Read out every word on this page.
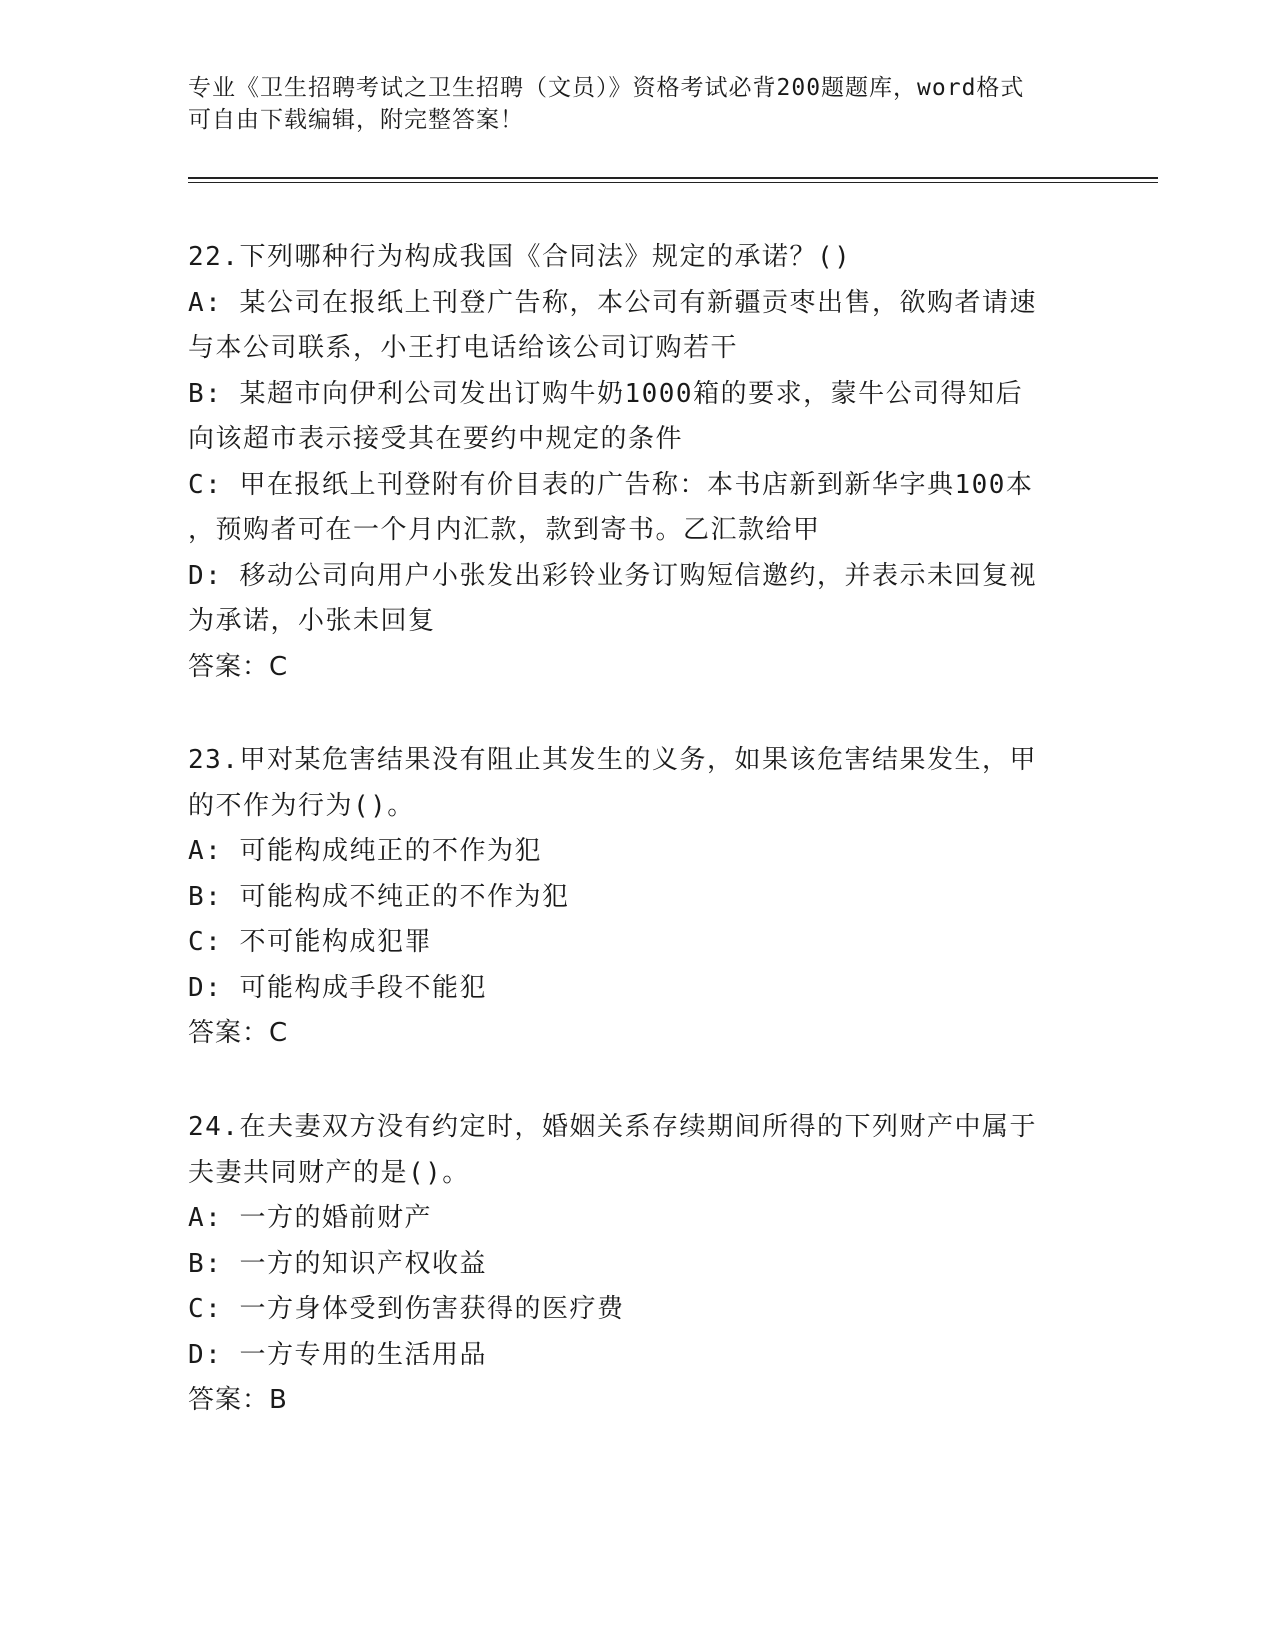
专业《卫生招聘考试之卫生招聘（文员）》资格考试必背200题题库，word格式
可自由下载编辑，附完整答案！
22.下列哪种行为构成我国《合同法》规定的承诺？()
A: 某公司在报纸上刊登广告称，本公司有新疆贡枣出售，欲购者请速
与本公司联系，小王打电话给该公司订购若干
B: 某超市向伊利公司发出订购牛奶1000箱的要求，蒙牛公司得知后
向该超市表示接受其在要约中规定的条件
C: 甲在报纸上刊登附有价目表的广告称：本书店新到新华字典100本
，预购者可在一个月内汇款，款到寄书。乙汇款给甲
D: 移动公司向用户小张发出彩铃业务订购短信邀约，并表示未回复视
为承诺，小张未回复
答案：C
23.甲对某危害结果没有阻止其发生的义务，如果该危害结果发生，甲
的不作为行为()。
A: 可能构成纯正的不作为犯
B: 可能构成不纯正的不作为犯
C: 不可能构成犯罪
D: 可能构成手段不能犯
答案：C
24.在夫妻双方没有约定时，婚姻关系存续期间所得的下列财产中属于
夫妻共同财产的是()。
A: 一方的婚前财产
B: 一方的知识产权收益
C: 一方身体受到伤害获得的医疗费
D: 一方专用的生活用品
答案：B
